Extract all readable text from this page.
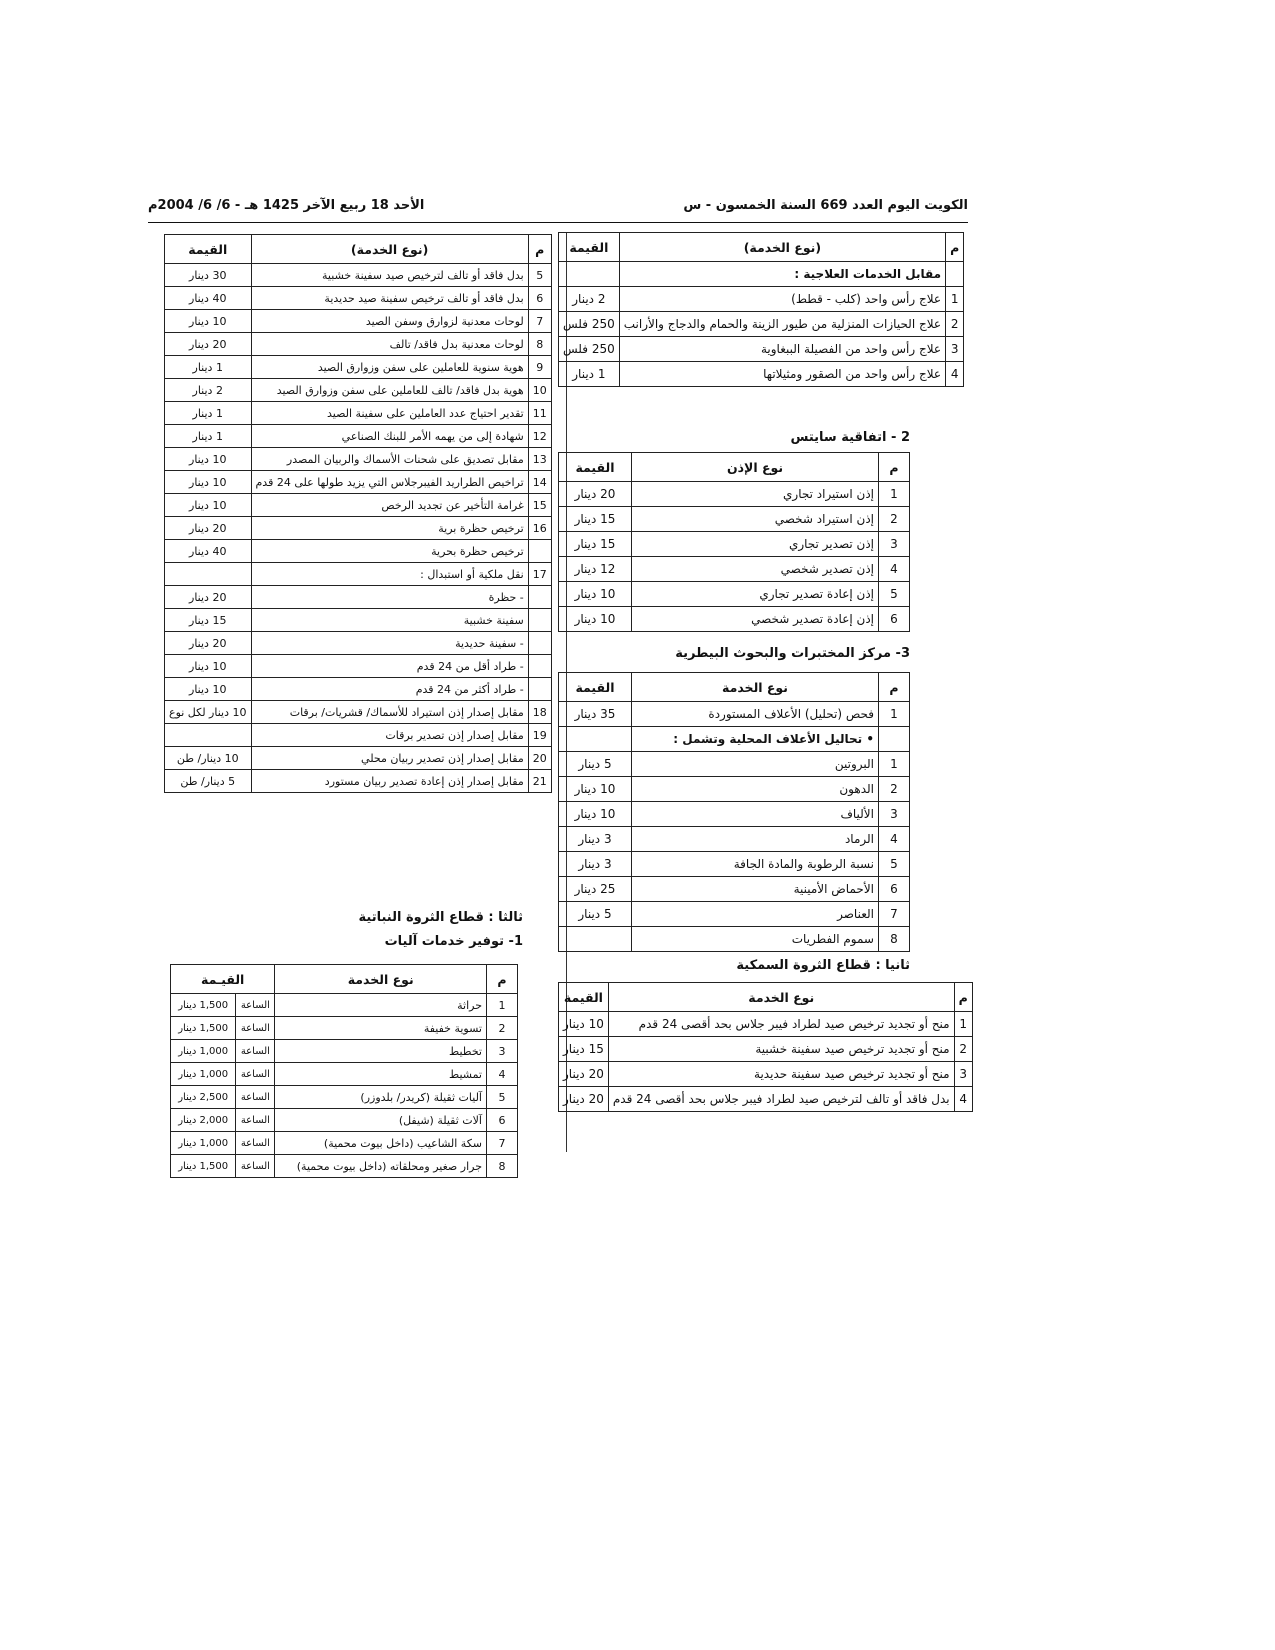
الكويت اليوم العدد 669 السنة الخمسون - س
الأحد 18 ربيع الآخر 1425 هـ - 6/ 6/ 2004م
م	(نوع الخدمة)	القيمة
	مقابل الخدمات العلاجية :	
1	علاج رأس واحد (كلب - قطط)	2 دينار
2	علاج الحيازات المنزلية من طيور الزينة والحمام والدجاج والأرانب	250 فلس
3	علاج رأس واحد من الفصيلة الببغاوية	250 فلس
4	علاج رأس واحد من الصقور ومثيلاتها	1 دينار
2 - اتفاقية سايتس
م	نوع الإذن	القيمة
1	إذن استيراد تجاري	20 دينار
2	إذن استيراد شخصي	15 دينار
3	إذن تصدير تجاري	15 دينار
4	إذن تصدير شخصي	12 دينار
5	إذن إعادة تصدير تجاري	10 دينار
6	إذن إعادة تصدير شخصي	10 دينار
3- مركز المختبرات والبحوث البيطرية
م	نوع الخدمة	القيمة
1	فحص (تحليل) الأعلاف المستوردة	35 دينار
	• تحاليل الأعلاف المحلية وتشمل :	
1	البروتين	5 دينار
2	الدهون	10 دينار
3	الألياف	10 دينار
4	الرماد	3 دينار
5	نسبة الرطوبة والمادة الجافة	3 دينار
6	الأحماض الأمينية	25 دينار
7	العناصر	5 دينار
8	سموم الفطريات	
ثانيا : قطاع الثروة السمكية
م	نوع الخدمة	القيمة
1	منح أو تجديد ترخيص صيد لطراد فيبر جلاس بحد أقصى 24 قدم	10 دينار
2	منح أو تجديد ترخيص صيد سفينة خشبية	15 دينار
3	منح أو تجديد ترخيص صيد سفينة حديدية	20 دينار
4	بدل فاقد أو تالف لترخيص صيد لطراد فيبر جلاس بحد أقصى 24 قدم	20 دينار
م	(نوع الخدمة)	القيمة
5	بدل فاقد أو تالف لترخيص صيد سفينة خشبية	30 دينار
6	بدل فاقد أو تالف ترخيص سفينة صيد حديدية	40 دينار
7	لوحات معدنية لزوارق وسفن الصيد	10 دينار
8	لوحات معدنية بدل فاقد/ تالف	20 دينار
9	هوية سنوية للعاملين على سفن وزوارق الصيد	1 دينار
10	هوية بدل فاقد/ تالف للعاملين على سفن وزوارق الصيد	2 دينار
11	تقدير احتياج عدد العاملين على سفينة الصيد	1 دينار
12	شهادة إلى من يهمه الأمر للبنك الصناعي	1 دينار
13	مقابل تصديق على شحنات الأسماك والربيان المصدر	10 دينار
14	تراخيص الطراريد الفيبرجلاس التي يزيد طولها على 24 قدم	10 دينار
15	غرامة التأخير عن تجديد الرخص	10 دينار
16	ترخيص حظرة برية	20 دينار
	ترخيص حظرة بحرية	40 دينار
17	نقل ملكية أو استبدال :	
	- حظرة	20 دينار
	سفينة خشبية	15 دينار
	- سفينة حديدية	20 دينار
	- طراد أقل من 24 قدم	10 دينار
	- طراد أكثر من 24 قدم	10 دينار
18	مقابل إصدار إذن استيراد للأسماك/ قشريات/ برقات	10 دينار لكل نوع
19	مقابل إصدار إذن تصدير برقات	
20	مقابل إصدار إذن تصدير ربيان محلي	10 دينار/ طن
21	مقابل إصدار إذن إعادة تصدير ربيان مستورد	5 دينار/ طن
ثالثا : قطاع الثروة النباتية
1- توفير خدمات آليات
م	نوع الخدمة	القيـمة	
1	حراثة	الساعة	1,500 دينار
2	تسوية خفيفة	الساعة	1,500 دينار
3	تخطيط	الساعة	1,000 دينار
4	تمشيط	الساعة	1,000 دينار
5	آليات ثقيلة (كريدر/ بلدوزر)	الساعة	2,500 دينار
6	آلات ثقيلة (شيفل)	الساعة	2,000 دينار
7	سكة الشاعيب (داخل بيوت محمية)	الساعة	1,000 دينار
8	جرار صغير ومحلقاته (داخل بيوت محمية)	الساعة	1,500 دينار
